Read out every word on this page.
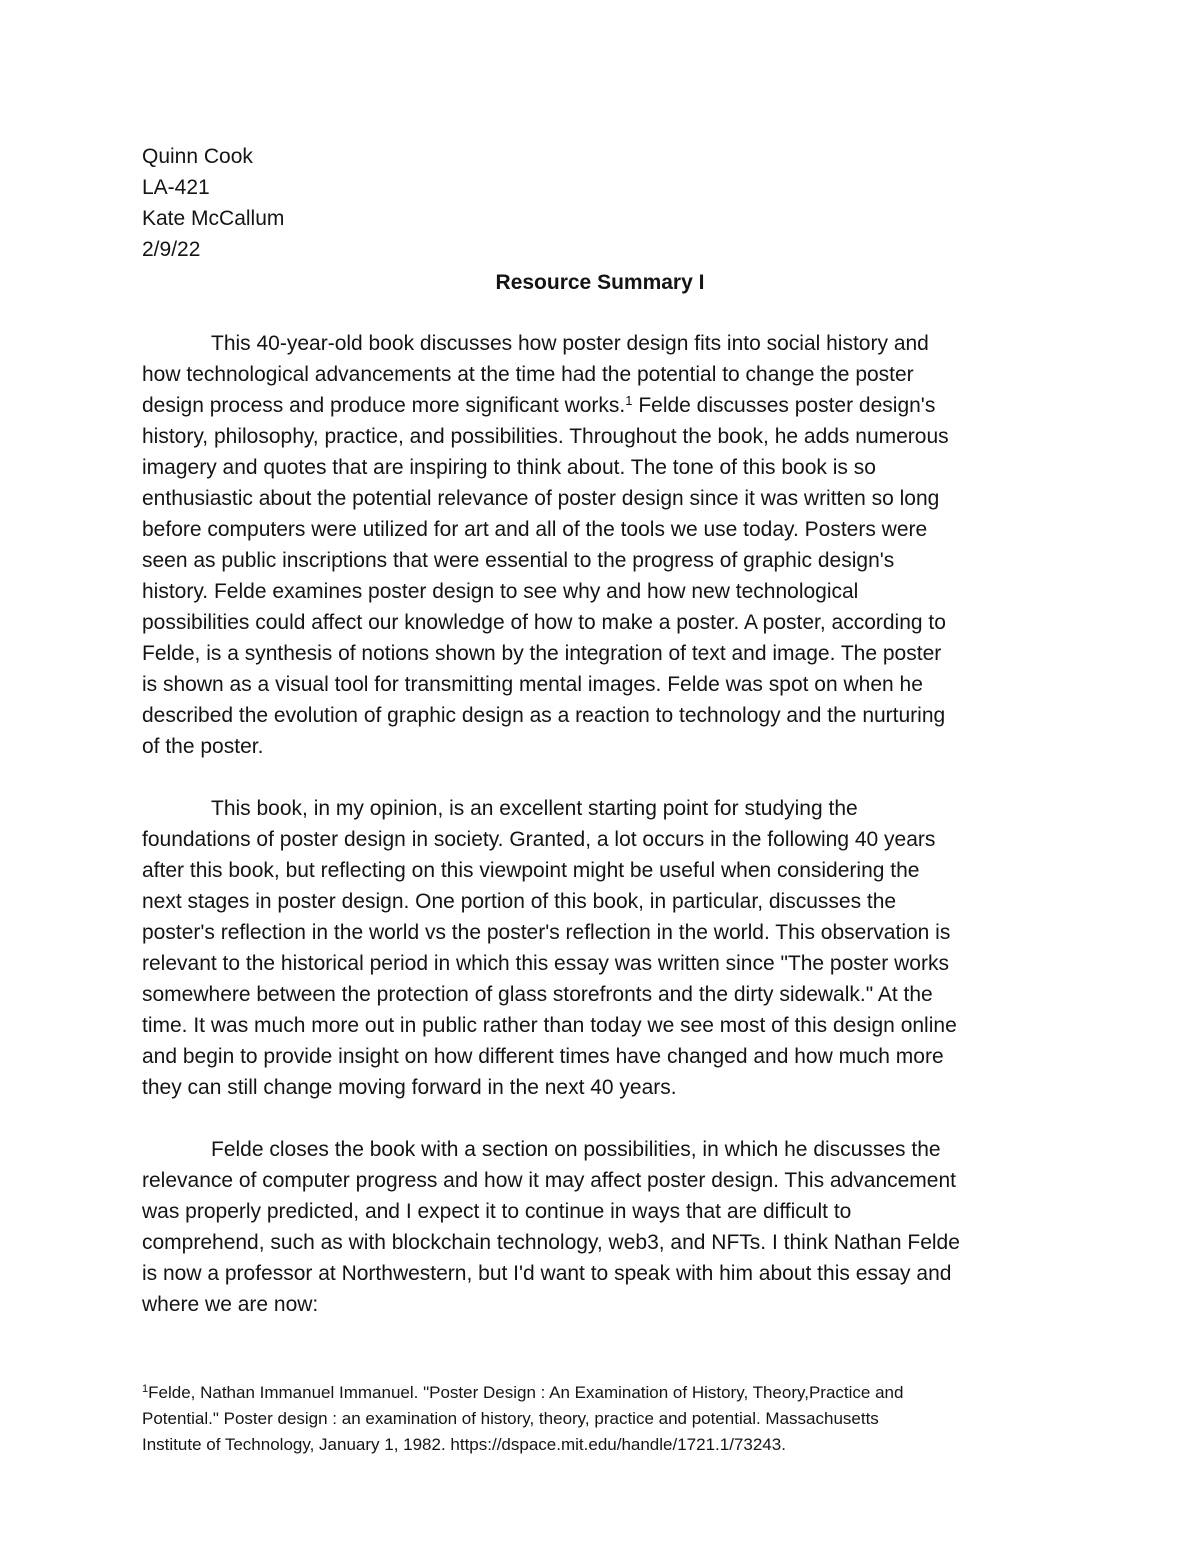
Quinn Cook
LA-421
Kate McCallum
2/9/22
Resource Summary I
This 40-year-old book discusses how poster design fits into social history and
how technological advancements at the time had the potential to change the poster
design process and produce more significant works.$^1$ Felde discusses poster design's
history, philosophy, practice, and possibilities. Throughout the book, he adds numerous
imagery and quotes that are inspiring to think about. The tone of this book is so
enthusiastic about the potential relevance of poster design since it was written so long
before computers were utilized for art and all of the tools we use today. Posters were
seen as public inscriptions that were essential to the progress of graphic design's
history. Felde examines poster design to see why and how new technological
possibilities could affect our knowledge of how to make a poster. A poster, according to
Felde, is a synthesis of notions shown by the integration of text and image. The poster
is shown as a visual tool for transmitting mental images. Felde was spot on when he
described the evolution of graphic design as a reaction to technology and the nurturing
of the poster.
This book, in my opinion, is an excellent starting point for studying the
foundations of poster design in society. Granted, a lot occurs in the following 40 years
after this book, but reflecting on this viewpoint might be useful when considering the
next stages in poster design. One portion of this book, in particular, discusses the
poster's reflection in the world vs the poster's reflection in the world. This observation is
relevant to the historical period in which this essay was written since "The poster works
somewhere between the protection of glass storefronts and the dirty sidewalk." At the
time. It was much more out in public rather than today we see most of this design online
and begin to provide insight on how different times have changed and how much more
they can still change moving forward in the next 40 years.
Felde closes the book with a section on possibilities, in which he discusses the
relevance of computer progress and how it may affect poster design. This advancement
was properly predicted, and I expect it to continue in ways that are difficult to
comprehend, such as with blockchain technology, web3, and NFTs. I think Nathan Felde
is now a professor at Northwestern, but I'd want to speak with him about this essay and
where we are now:
$^1$Felde, Nathan Immanuel Immanuel. "Poster Design : An Examination of History, Theory,Practice and
Potential." Poster design : an examination of history, theory, practice and potential. Massachusetts
Institute of Technology, January 1, 1982. https://dspace.mit.edu/handle/1721.1/73243.
